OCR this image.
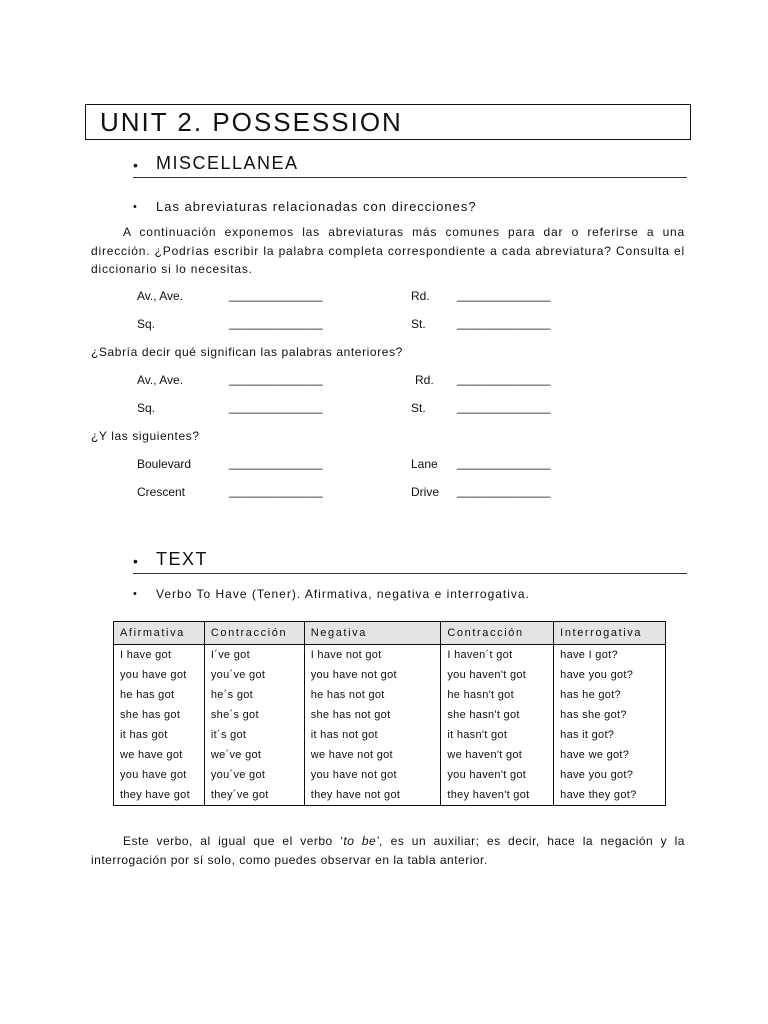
UNIT 2. POSSESSION
• MISCELLANEA
• Las abreviaturas relacionadas con direcciones?
A continuación exponemos las abreviaturas más comunes para dar o referirse a una dirección. ¿Podrías escribir la palabra completa correspondiente a cada abreviatura? Consulta el diccionario si lo necesitas.
Av., Ave.	______________	Rd. ______________
Sq.	______________	St.	______________
¿Sabría decir qué significan las palabras anteriores?
Av., Ave.	______________	Rd. ______________
Sq.	______________	St.	______________
¿Y las siguientes?
Boulevard	______________	Lane ______________
Crescent	______________	Drive ______________
• TEXT
• Verbo To Have (Tener). Afirmativa, negativa e interrogativa.
Afirmativa	Contracción	Negativa	Contracción	Interrogativa
I have got	I´ve got	I have not got	I haven´t got	have I got?
you have got	you´ve got	you have not got	you haven't got	have you got?
he has got	he´s got	he has not got	he hasn't got	has he got?
she has got	she´s got	she has not got	she hasn't got	has she got?
it has got	it´s got	it has not got	it hasn't got	has it got?
we have got	we´ve got	we have not got	we haven't got	have we got?
you have got	you´ve got	you have not got	you haven't got	have you got?
they have got	they´ve got	they have not got	they haven't got	have they got?
Este verbo, al igual que el verbo ‘to be’, es un auxiliar; es decir, hace la negación y la interrogación por sí solo, como puedes observar en la tabla anterior.
